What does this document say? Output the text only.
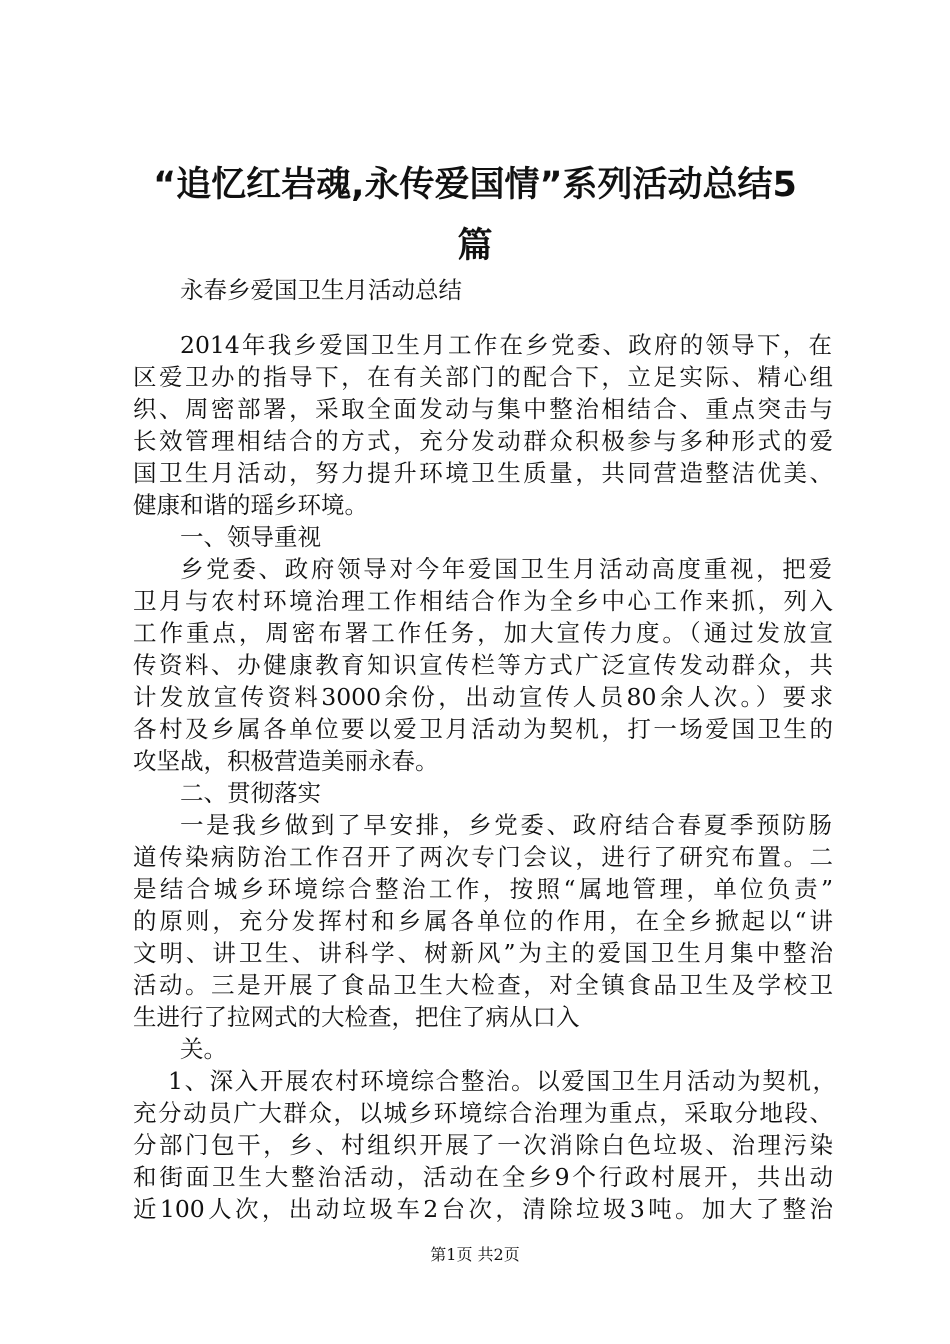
“追忆红岩魂,永传爱国情”系列活动总结5
篇

永春乡爱国卫生月活动总结

2014年我乡爱国卫生月工作在乡党委、政府的领导下，在

区爱卫办的指导下，在有关部门的配合下，立足实际、精心组

织、周密部署，采取全面发动与集中整治相结合、重点突击与

长效管理相结合的方式，充分发动群众积极参与多种形式的爱

国卫生月活动，努力提升环境卫生质量，共同营造整洁优美、

健康和谐的瑶乡环境。

一、领导重视

乡党委、政府领导对今年爱国卫生月活动高度重视，把爱

卫月与农村环境治理工作相结合作为全乡中心工作来抓，列入

工作重点，周密布署工作任务，加大宣传力度。（通过发放宣

传资料、办健康教育知识宣传栏等方式广泛宣传发动群众，共

计发放宣传资料3000余份，出动宣传人员80余人次。）要求

各村及乡属各单位要以爱卫月活动为契机，打一场爱国卫生的

攻坚战，积极营造美丽永春。

二、贯彻落实

一是我乡做到了早安排，乡党委、政府结合春夏季预防肠

道传染病防治工作召开了两次专门会议，进行了研究布置。二

是结合城乡环境综合整治工作，按照“属地管理，单位负责”

的原则，充分发挥村和乡属各单位的作用，在全乡掀起以“讲

文明、讲卫生、讲科学、树新风”为主的爱国卫生月集中整治

活动。三是开展了食品卫生大检查，对全镇食品卫生及学校卫

生进行了拉网式的大检查，把住了病从口入

关。

1、深入开展农村环境综合整治。以爱国卫生月活动为契机，

充分动员广大群众，以城乡环境综合治理为重点，采取分地段、

分部门包干，乡、村组织开展了一次消除白色垃圾、治理污染

和街面卫生大整治活动，活动在全乡9个行政村展开，共出动

近100人次，出动垃圾车2台次，清除垃圾3吨。加大了整治

第1页 共2页
